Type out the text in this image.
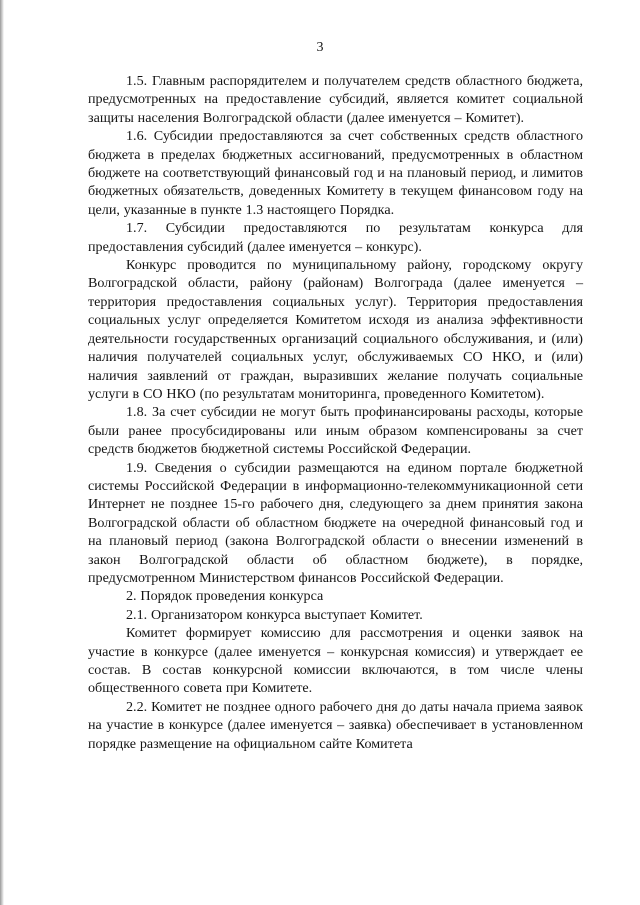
3

1.5. Главным распорядителем и получателем средств областного бюджета, предусмотренных на предоставление субсидий, является комитет социальной защиты населения Волгоградской области (далее именуется – Комитет).

1.6. Субсидии предоставляются за счет собственных средств областного бюджета в пределах бюджетных ассигнований, предусмотренных в областном бюджете на соответствующий финансовый год и на плановый период, и лимитов бюджетных обязательств, доведенных Комитету в текущем финансовом году на цели, указанные в пункте 1.3 настоящего Порядка.

1.7. Субсидии предоставляются по результатам конкурса для предоставления субсидий (далее именуется – конкурс).

Конкурс проводится по муниципальному району, городскому округу Волгоградской области, району (районам) Волгограда (далее именуется – территория предоставления социальных услуг). Территория предоставления социальных услуг определяется Комитетом исходя из анализа эффективности деятельности государственных организаций социального обслуживания, и (или) наличия получателей социальных услуг, обслуживаемых СО НКО, и (или) наличия заявлений от граждан, выразивших желание получать социальные услуги в СО НКО (по результатам мониторинга, проведенного Комитетом).

1.8. За счет субсидии не могут быть профинансированы расходы, которые были ранее просубсидированы или иным образом компенсированы за счет средств бюджетов бюджетной системы Российской Федерации.

1.9. Сведения о субсидии размещаются на едином портале бюджетной системы Российской Федерации в информационно-телекоммуникационной сети Интернет не позднее 15-го рабочего дня, следующего за днем принятия закона Волгоградской области об областном бюджете на очередной финансовый год и на плановый период (закона Волгоградской области о внесении изменений в закон Волгоградской области об областном бюджете), в порядке, предусмотренном Министерством финансов Российской Федерации.

2. Порядок проведения конкурса

2.1. Организатором конкурса выступает Комитет.

Комитет формирует комиссию для рассмотрения и оценки заявок на участие в конкурсе (далее именуется – конкурсная комиссия) и утверждает ее состав. В состав конкурсной комиссии включаются, в том числе члены общественного совета при Комитете.

2.2. Комитет не позднее одного рабочего дня до даты начала приема заявок на участие в конкурсе (далее именуется – заявка) обеспечивает в установленном порядке размещение на официальном сайте Комитета
